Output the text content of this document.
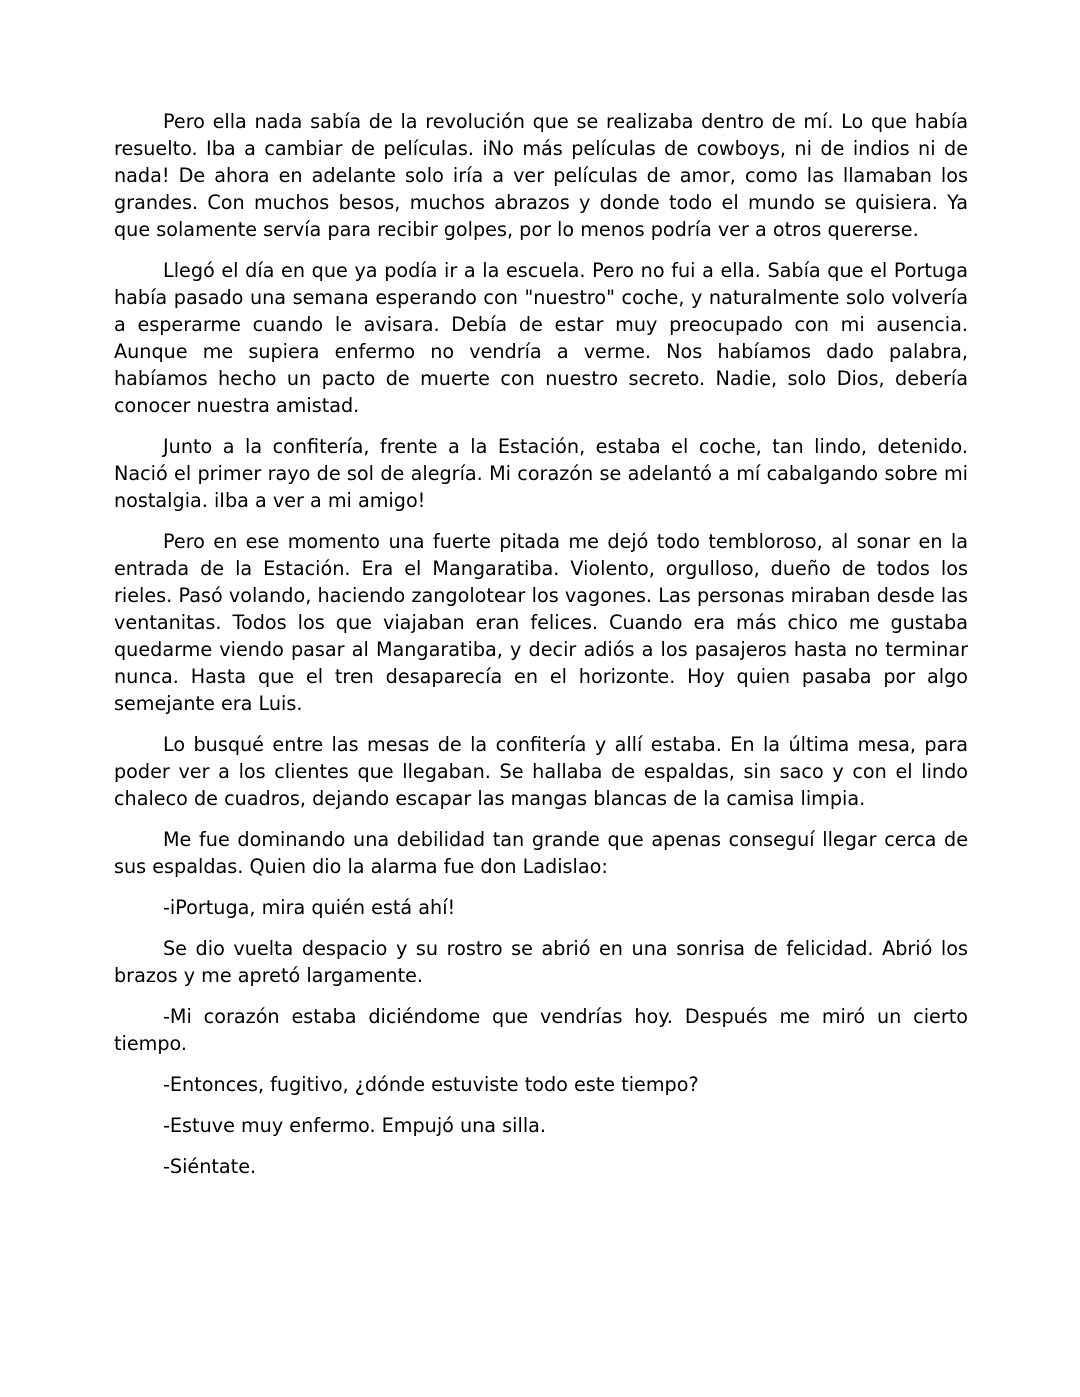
Pero ella nada sabía de la revolución que se realizaba dentro de mí. Lo que había resuelto. Iba a cambiar de películas. iNo más películas de cowboys, ni de indios ni de nada! De ahora en adelante solo iría a ver películas de amor, como las llamaban los grandes. Con muchos besos, muchos abrazos y donde todo el mundo se quisiera. Ya que solamente servía para recibir golpes, por lo menos podría ver a otros quererse.

Llegó el día en que ya podía ir a la escuela. Pero no fui a ella. Sabía que el Portuga había pasado una semana esperando con "nuestro" coche, y naturalmente solo volvería a esperarme cuando le avisara. Debía de estar muy preocupado con mi ausencia. Aunque me supiera enfermo no vendría a verme. Nos habíamos dado palabra, habíamos hecho un pacto de muerte con nuestro secreto. Nadie, solo Dios, debería conocer nuestra amistad.

Junto a la confitería, frente a la Estación, estaba el coche, tan lindo, detenido. Nació el primer rayo de sol de alegría. Mi corazón se adelantó a mí cabalgando sobre mi nostalgia. iIba a ver a mi amigo!

Pero en ese momento una fuerte pitada me dejó todo tembloroso, al sonar en la entrada de la Estación. Era el Mangaratiba. Violento, orgulloso, dueño de todos los rieles. Pasó volando, haciendo zangolotear los vagones. Las personas miraban desde las ventanitas. Todos los que viajaban eran felices. Cuando era más chico me gustaba quedarme viendo pasar al Mangaratiba, y decir adiós a los pasajeros hasta no terminar nunca. Hasta que el tren desaparecía en el horizonte. Hoy quien pasaba por algo semejante era Luis.

Lo busqué entre las mesas de la confitería y allí estaba. En la última mesa, para poder ver a los clientes que llegaban. Se hallaba de espaldas, sin saco y con el lindo chaleco de cuadros, dejando escapar las mangas blancas de la camisa limpia.

Me fue dominando una debilidad tan grande que apenas conseguí llegar cerca de sus espaldas. Quien dio la alarma fue don Ladislao:

-iPortuga, mira quién está ahí!

Se dio vuelta despacio y su rostro se abrió en una sonrisa de felicidad. Abrió los brazos y me apretó largamente.

-Mi corazón estaba diciéndome que vendrías hoy. Después me miró un cierto tiempo.

-Entonces, fugitivo, ¿dónde estuviste todo este tiempo?

-Estuve muy enfermo. Empujó una silla.

-Siéntate.
